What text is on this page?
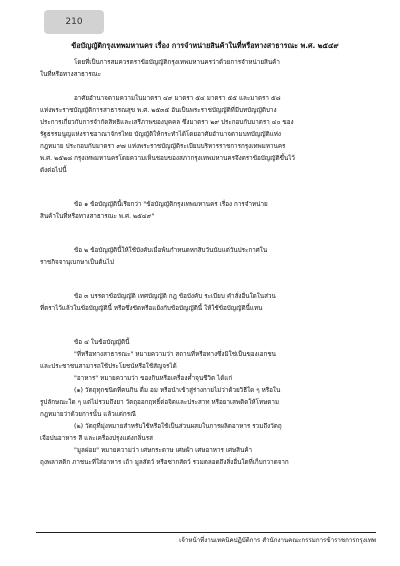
210
ข้อบัญญัติกรุงเทพมหานคร เรื่อง การจำหน่ายสินค้าในที่หรือทางสาธารณะ พ.ศ. ๒๕๔๙

โดยที่เป็นการสมควรตราข้อบัญญัติกรุงเทพมหานครว่าด้วยการจำหน่ายสินค้า

ในที่หรือทางสาธารณะ

อาศัยอำนาจตามความในมาตรา ๔๙ มาตรา ๕๔ มาตรา ๕๕ และมาตรา ๕๘

แห่งพระราชบัญญัติการสาธารณสุข พ.ศ. ๒๕๓๕ อันเป็นพระราชบัญญัติที่มีบทบัญญัติบาง

ประการเกี่ยวกับการจำกัดสิทธิและเสรีภาพของบุคคล ซึ่งมาตรา ๒๙ ประกอบกับมาตรา ๔๐ ของ

รัฐธรรมนูญแห่งราชอาณาจักรไทย บัญญัติให้กระทำได้โดยอาศัยอำนาจตามบทบัญญัติแห่ง

กฎหมาย ประกอบกับมาตรา ๙๗ แห่งพระราชบัญญัติระเบียบบริหารราชการกรุงเทพมหานคร

พ.ศ. ๒๕๒๘ กรุงเทพมหานครโดยความเห็นชอบของสภากรุงเทพมหานครจึงตราข้อบัญญัติขึ้นไว้

ดังต่อไปนี้

ข้อ ๑ ข้อบัญญัตินี้เรียกว่า "ข้อบัญญัติกรุงเทพมหานคร เรื่อง การจำหน่าย

สินค้าในที่หรือทางสาธารณะ พ.ศ. ๒๕๔๙"

ข้อ ๒ ข้อบัญญัตินี้ให้ใช้บังคับเมื่อพ้นกำหนดหกสิบวันนับแต่วันประกาศใน

ราชกิจจานุเบกษาเป็นต้นไป

ข้อ ๓ บรรดาข้อบัญญัติ เทศบัญญัติ กฎ ข้อบังคับ ระเบียบ คำสั่งอื่นใดในส่วน

ที่ตราไว้แล้วในข้อบัญญัตินี้ หรือซึ่งขัดหรือแย้งกับข้อบัญญัตินี้ ให้ใช้ข้อบัญญัตินี้แทน

ข้อ ๔ ในข้อบัญญัตินี้

"ที่หรือทางสาธารณะ" หมายความว่า สถานที่หรือทางซึ่งมิใช่เป็นของเอกชน

และประชาชนสามารถใช้ประโยชน์หรือใช้สัญจรได้

"อาหาร" หมายความว่า ของกินหรือเครื่องค้ำจุนชีวิต ได้แก่

(๑) วัตถุทุกชนิดที่คนกิน ดื่ม อม หรือนำเข้าสู่ร่างกายไม่ว่าด้วยวิธีใด ๆ หรือใน

รูปลักษณะใด ๆ แต่ไม่รวมถึงยา วัตถุออกฤทธิ์ต่อจิตและประสาท หรือยาเสพติดให้โทษตาม

กฎหมายว่าด้วยการนั้น แล้วแต่กรณี

(๒) วัตถุที่มุ่งหมายสำหรับใช้หรือใช้เป็นส่วนผสมในการผลิตอาหาร รวมถึงวัตถุ

เจือปนอาหาร สี และเครื่องปรุงแต่งกลิ่นรส

"มูลฝอย" หมายความว่า เศษกระดาษ เศษผ้า เศษอาหาร เศษสินค้า

ถุงพลาสติก ภาชนะที่ใส่อาหาร เถ้า มูลสัตว์ หรือซากสัตว์ รวมตลอดถึงสิ่งอื่นใดที่เก็บกวาดจาก

เจ้าหน้าที่งานเทคนิคปฏิบัติการ สำนักงานคณะกรรมการข้าราชการกรุงเทพ
